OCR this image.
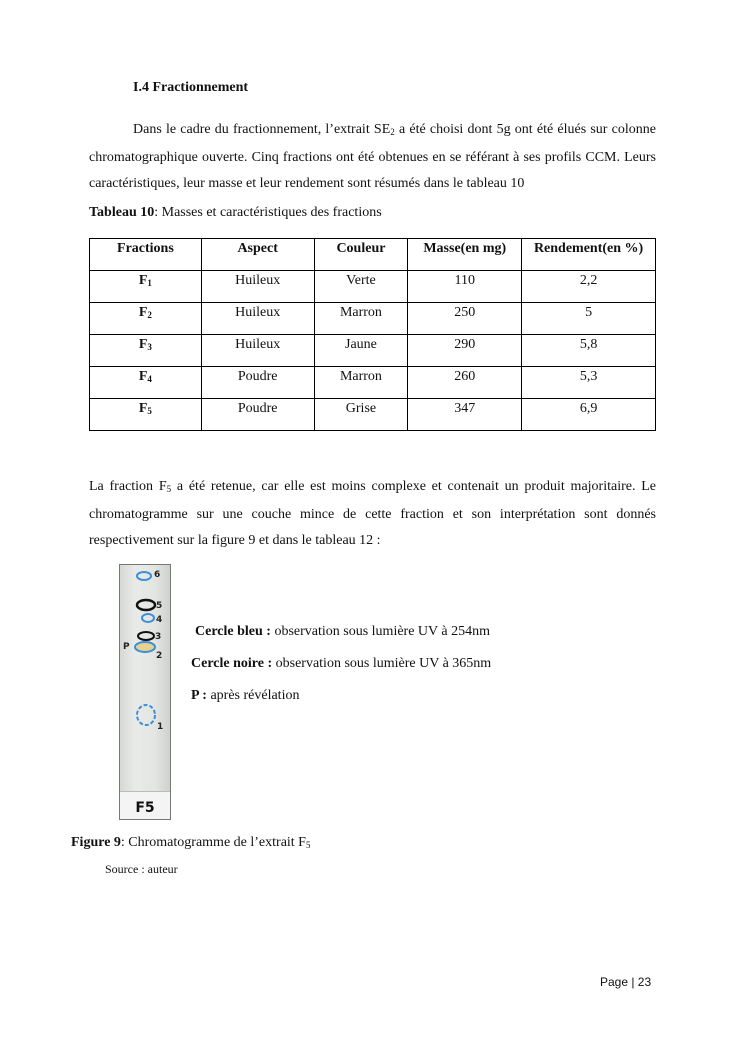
I.4 Fractionnement

Dans le cadre du fractionnement, l’extrait $SE_2$ a été choisi dont 5g ont été élués sur colonne chromatographique ouverte. Cinq fractions ont été obtenues en se référant à ses profils CCM. Leurs caractéristiques, leur masse et leur rendement sont résumés dans le tableau 10

Tableau 10: Masses et caractéristiques des fractions
Fractions	Aspect	Couleur	Masse(en mg)	Rendement(en %)
$F_1$	Huileux	Verte	110	2,2
$F_2$	Huileux	Marron	250	5
$F_3$	Huileux	Jaune	290	5,8
$F_4$	Poudre	Marron	260	5,3
$F_5$	Poudre	Grise	347	6,9

La fraction $F_5$ a été retenue, car elle est moins complexe et contenait un produit majoritaire. Le chromatogramme sur une couche mince de cette fraction et son interprétation sont donnés respectivement sur la figure 9 et dans le tableau 12 :

6
5
4
3
P
2
1
F5
Cercle bleu : observation sous lumière UV à 254nm
Cercle noire : observation sous lumière UV à 365nm
P : après révélation
Figure 9: Chromatogramme de l’extrait $F_5$
Source : auteur
Page | 23
